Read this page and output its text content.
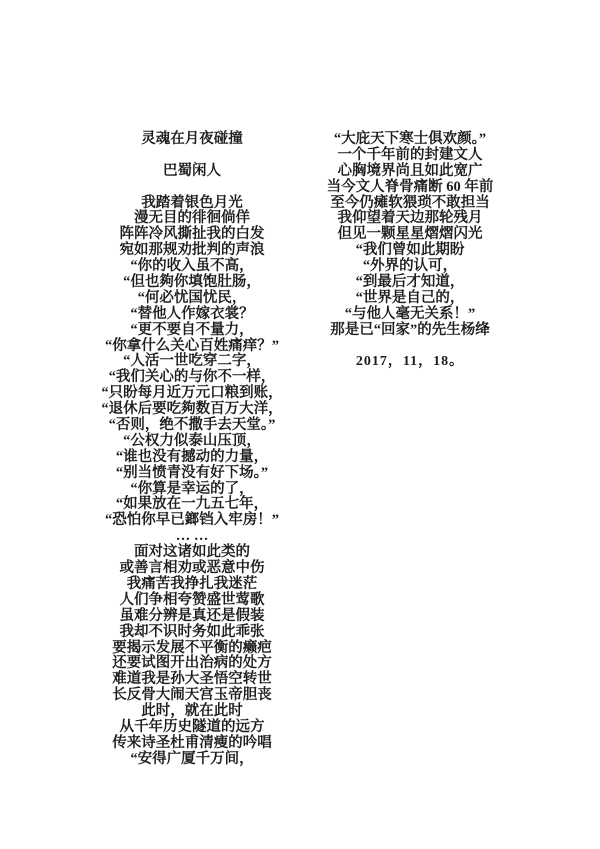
灵魂在月夜碰撞
巴蜀闲人
我踏着银色月光
漫无目的徘徊倘佯
阵阵冷风撕扯我的白发
宛如那规劝批判的声浪
“你的收入虽不高，
“但也夠你填饱肚肠，
“何必忧国忧民，
“替他人作嫁衣裳？
“更不要自不量力，
“你拿什么关心百姓痛痒？”
“人活一世吃穿二字，
“我们关心的与你不一样，
“只盼每月近万元口粮到账，
“退休后要吃夠数百万大洋，
“否则，绝不撒手去天堂。”
“公权力似泰山压顶，
“谁也没有撼动的力量，
“别当愤青没有好下场。”
“你算是幸运的了，
“如果放在一九五七年，
“恐怕你早已鎯铛入牢房！”
… …
面对这诸如此类的
或善言相劝或恶意中伤
我痛苦我挣扎我迷茫
人们争相夸赞盛世莺歌
虽难分辨是真还是假装
我却不识时务如此乖张
要揭示发展不平衡的癞疤
还要试图开出治病的处方
难道我是孙大圣悟空转世
长反骨大闹天宫玉帝胆丧
此时，就在此时
从千年历史隧道的远方
传来诗圣杜甫清瘦的吟唱
“安得广厦千万间，
“大庇天下寒士俱欢颜。”
一个千年前的封建文人
心胸境界尚且如此宽广
当今文人脊骨痛断 60 年前
至今仍瘫软猥琐不敢担当
我仰望着天边那轮残月
但见一颗星星熠熠闪光
“我们曾如此期盼
“外界的认可，
“到最后才知道，
“世界是自己的，
“与他人毫无关系！”
那是已“回家”的先生杨绛
2017，11，18。
